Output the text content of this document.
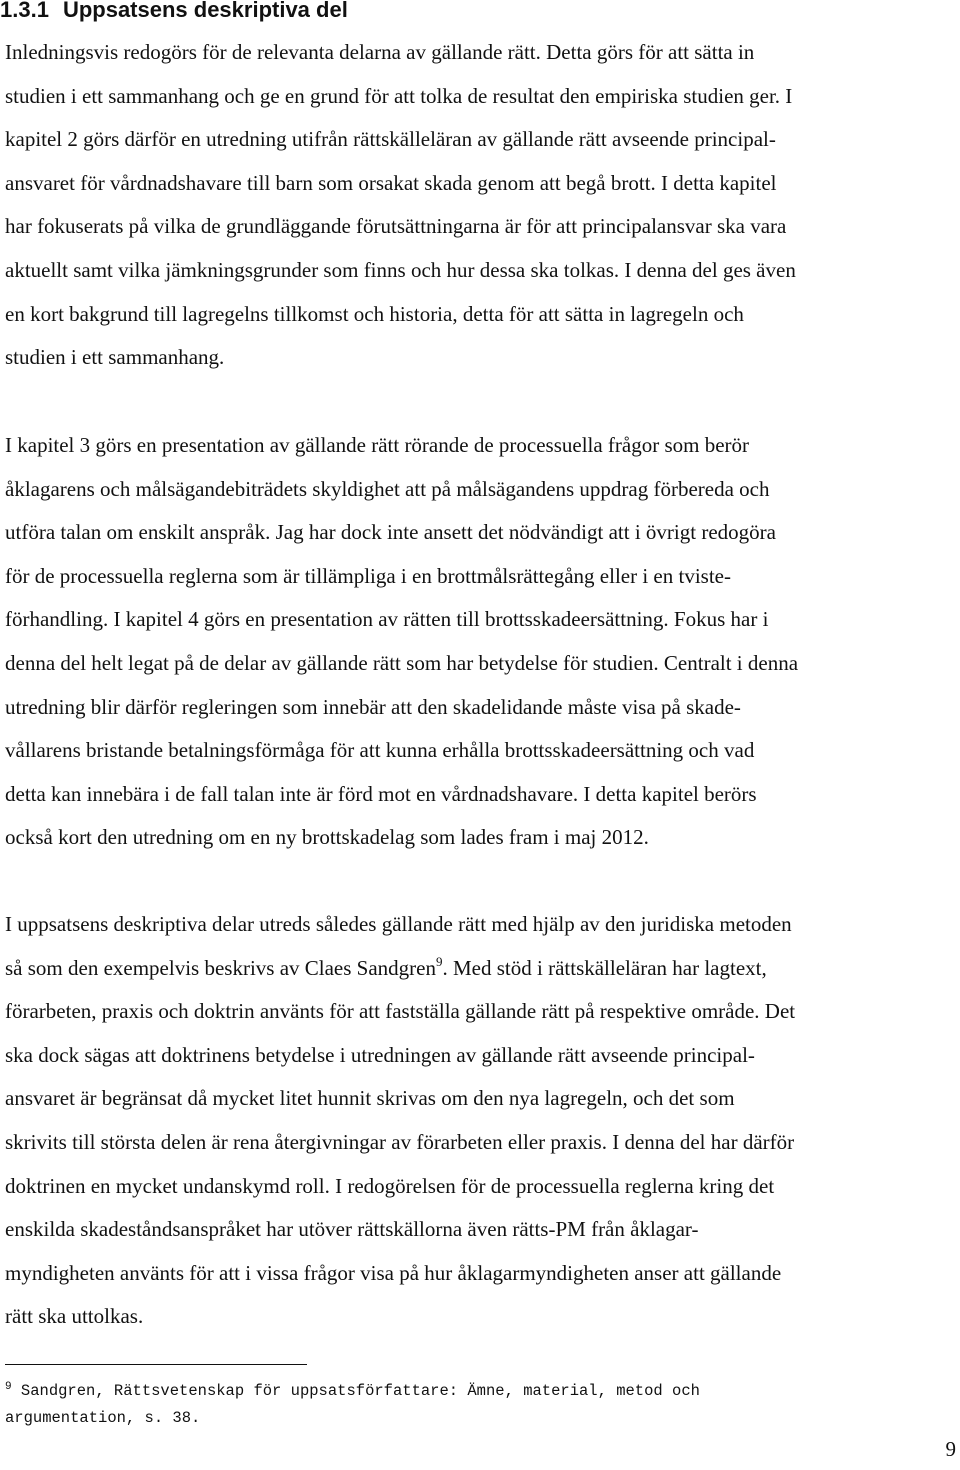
1.3.1 Uppsatsens deskriptiva del

Inledningsvis redogörs för de relevanta delarna av gällande rätt. Detta görs för att sätta in
studien i ett sammanhang och ge en grund för att tolka de resultat den empiriska studien ger. I
kapitel 2 görs därför en utredning utifrån rättskälleläran av gällande rätt avseende principal-
ansvaret för vårdnadshavare till barn som orsakat skada genom att begå brott. I detta kapitel
har fokuserats på vilka de grundläggande förutsättningarna är för att principalansvar ska vara
aktuellt samt vilka jämkningsgrunder som finns och hur dessa ska tolkas. I denna del ges även
en kort bakgrund till lagregelns tillkomst och historia, detta för att sätta in lagregeln och
studien i ett sammanhang.

I kapitel 3 görs en presentation av gällande rätt rörande de processuella frågor som berör
åklagarens och målsägandebiträdets skyldighet att på målsägandens uppdrag förbereda och
utföra talan om enskilt anspråk. Jag har dock inte ansett det nödvändigt att i övrigt redogöra
för de processuella reglerna som är tillämpliga i en brottmålsrättegång eller i en tviste-
förhandling. I kapitel 4 görs en presentation av rätten till brottsskadeersättning. Fokus har i
denna del helt legat på de delar av gällande rätt som har betydelse för studien. Centralt i denna
utredning blir därför regleringen som innebär att den skadelidande måste visa på skade-
vållarens bristande betalningsförmåga för att kunna erhålla brottsskadeersättning och vad
detta kan innebära i de fall talan inte är förd mot en vårdnadshavare. I detta kapitel berörs
också kort den utredning om en ny brottskadelag som lades fram i maj 2012.

I uppsatsens deskriptiva delar utreds således gällande rätt med hjälp av den juridiska metoden
så som den exempelvis beskrivs av Claes Sandgren$^9$. Med stöd i rättskälleläran har lagtext,
förarbeten, praxis och doktrin använts för att fastställa gällande rätt på respektive område. Det
ska dock sägas att doktrinens betydelse i utredningen av gällande rätt avseende principal-
ansvaret är begränsat då mycket litet hunnit skrivas om den nya lagregeln, och det som
skrivits till största delen är rena återgivningar av förarbeten eller praxis. I denna del har därför
doktrinen en mycket undanskymd roll. I redogörelsen för de processuella reglerna kring det
enskilda skadeståndsanspråket har utöver rättskällorna även rätts-PM från åklagar-
myndigheten använts för att i vissa frågor visa på hur åklagarmyndigheten anser att gällande
rätt ska uttolkas.

$^9$ Sandgren, Rättsvetenskap för uppsatsförfattare: Ämne, material, metod och
argumentation, s. 38.

9
